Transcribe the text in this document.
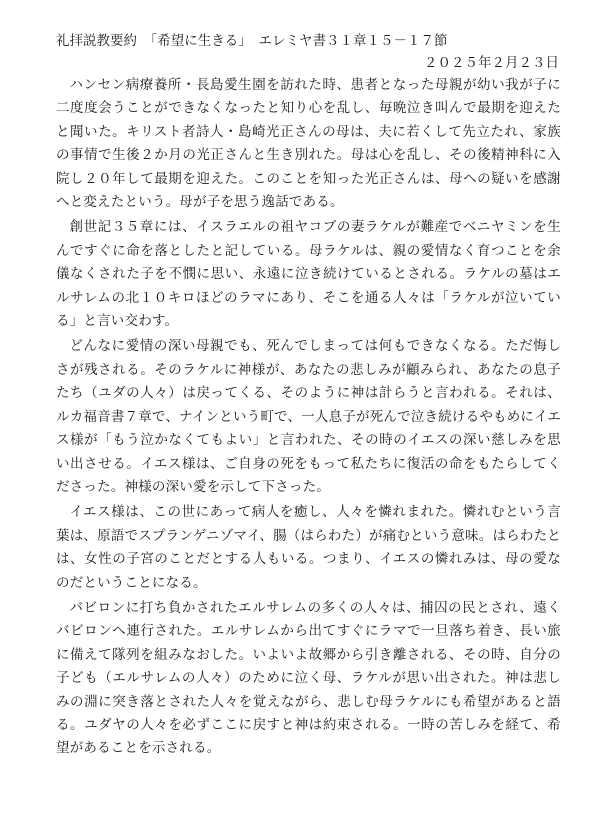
礼拝説教要約　「希望に生きる」　エレミヤ書３１章１５－１７節
２０２５年２月２３日

ハンセン病療養所・長島愛生園を訪れた時、患者となった母親が幼い我が子に二度度会うことができなくなったと知り心を乱し、毎晩泣き叫んで最期を迎えたと聞いた。キリスト者詩人・島崎光正さんの母は、夫に若くして先立たれ、家族の事情で生後２か月の光正さんと生き別れた。母は心を乱し、その後精神科に入院し２０年して最期を迎えた。このことを知った光正さんは、母への疑いを感謝へと変えたという。母が子を思う逸話である。

創世記３５章には、イスラエルの祖ヤコブの妻ラケルが難産でベニヤミンを生んですぐに命を落としたと記している。母ラケルは、親の愛情なく育つことを余儀なくされた子を不憫に思い、永遠に泣き続けているとされる。ラケルの墓はエルサレムの北１０キロほどのラマにあり、そこを通る人々は「ラケルが泣いている」と言い交わす。

どんなに愛情の深い母親でも、死んでしまっては何もできなくなる。ただ悔しさが残される。そのラケルに神様が、あなたの悲しみが顧みられ、あなたの息子たち（ユダの人々）は戻ってくる、そのように神は計らうと言われる。それは、ルカ福音書７章で、ナインという町で、一人息子が死んで泣き続けるやもめにイエス様が「もう泣かなくてもよい」と言われた、その時のイエスの深い慈しみを思い出させる。イエス様は、ご自身の死をもって私たちに復活の命をもたらしてくださった。神様の深い愛を示して下さった。

イエス様は、この世にあって病人を癒し、人々を憐れまれた。憐れむという言葉は、原語でスプランゲニゾマイ、腸（はらわた）が痛むという意味。はらわたとは、女性の子宮のことだとする人もいる。つまり、イエスの憐れみは、母の愛なのだということになる。

バビロンに打ち負かされたエルサレムの多くの人々は、捕囚の民とされ、遠くバビロンへ連行された。エルサレムから出てすぐにラマで一旦落ち着き、長い旅に備えて隊列を組みなおした。いよいよ故郷から引き離される、その時、自分の子ども（エルサレムの人々）のために泣く母、ラケルが思い出された。神は悲しみの淵に突き落とされた人々を覚えながら、悲しむ母ラケルにも希望があると語る。ユダヤの人々を必ずここに戻すと神は約束される。一時の苦しみを経て、希望があることを示される。
